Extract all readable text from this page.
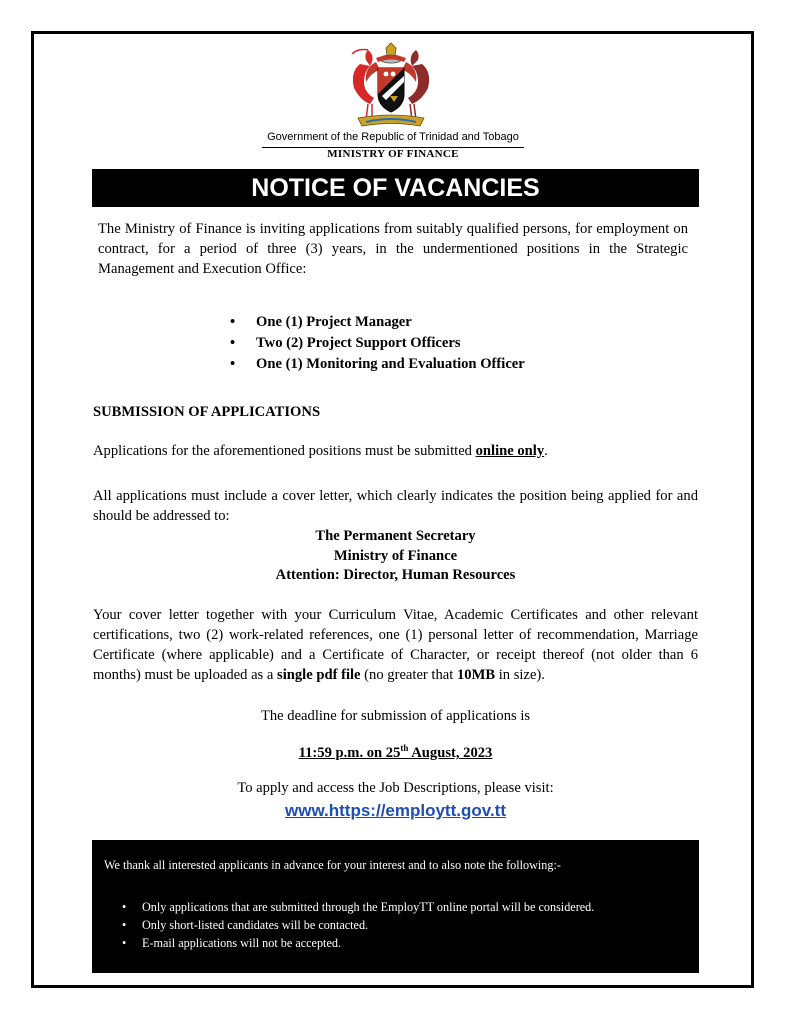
Government of the Republic of Trinidad and Tobago
MINISTRY OF FINANCE
NOTICE OF VACANCIES

The Ministry of Finance is inviting applications from suitably qualified persons, for employment on contract, for a period of three (3) years, in the undermentioned positions in the Strategic Management and Execution Office:

• One (1) Project Manager
• Two (2) Project Support Officers
• One (1) Monitoring and Evaluation Officer
SUBMISSION OF APPLICATIONS

Applications for the aforementioned positions must be submitted online only.

All applications must include a cover letter, which clearly indicates the position being applied for and should be addressed to:

The Permanent Secretary
Ministry of Finance
Attention: Director, Human Resources

Your cover letter together with your Curriculum Vitae, Academic Certificates and other relevant certifications, two (2) work-related references, one (1) personal letter of recommendation, Marriage Certificate (where applicable) and a Certificate of Character, or receipt thereof (not older than 6 months) must be uploaded as a single pdf file (no greater that 10MB in size).

The deadline for submission of applications is
11:59 p.m. on 25th August, 2023
To apply and access the Job Descriptions, please visit:
www.https://employtt.gov.tt

We thank all interested applicants in advance for your interest and to also note the following:-

• Only applications that are submitted through the EmployTT online portal will be considered.
• Only short-listed candidates will be contacted.
• E-mail applications will not be accepted.
